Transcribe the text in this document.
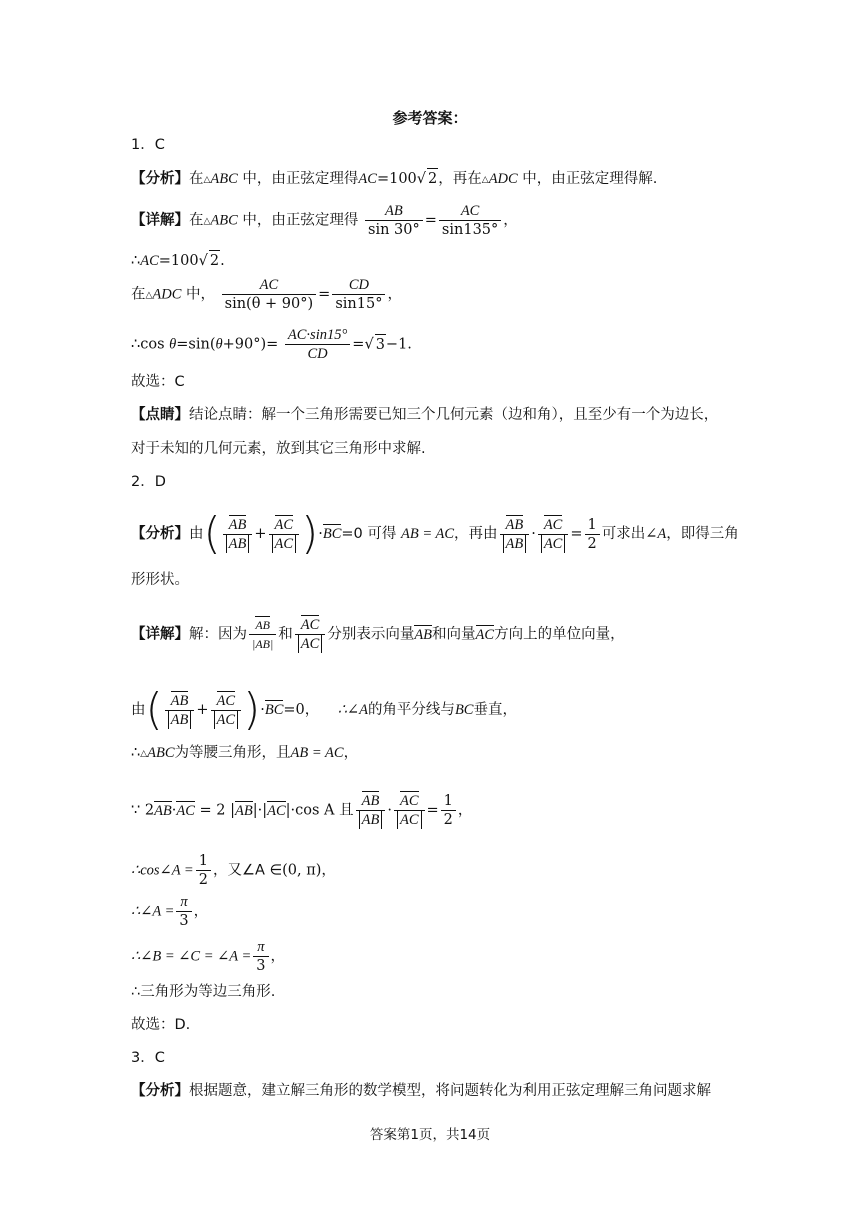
参考答案：
1．C
【分析】在△ABC 中，由正弦定理得AC=100√ 2，再在△ADC 中，由正弦定理得解.
【详解】在△ABC 中，由正弦定理得 $\frac{AB}{\sin 30^\circ} = \frac{AC}{\sin 135^\circ}$ ，
∴AC=100√ 2.
在△ADC 中， $\frac{AC}{\sin(\theta + 90^\circ)} = \frac{CD}{\sin 15^\circ}$ ，
∴cos $\theta=\sin(\theta+90^\circ)= \frac{AC\cdot\sin 15^\circ}{CD}$ =√ 3−1.
故选：C
【点睛】结论点睛：解一个三角形需要已知三个几何元素（边和角），且至少有一个为边长，
对于未知的几何元素，放到其它三角形中求解.
2．D
【分析】由( $\frac{AB}{AB} + \frac{AC}{AC} )\cdot BC=0$ 可得 AB = AC，再由 $\frac{AB}{AB} \cdot \frac{AC}{AC} = \frac{1}{2}$ 可求出∠A，即得三角
形形状。
【详解】解：因为 $\frac{AB}{|AB|}$ 和 $\frac{AC}{AC}$ 分别表示向量AB和向量AC方向上的单位向量，
由( $\frac{AB}{AB} + \frac{AC}{AC} )\cdot BC=0$， ∴∠A的角平分线与BC垂直，
∴△ABC为等腰三角形，且AB = AC，
∵ 2AB·AC = 2 |AB|·|AC|·cos A 且 $\frac{AB}{AB} \cdot \frac{AC}{AC} = \frac{1}{2}$ ，
∴cos∠A = $\frac{1}{2}$ ，又∠A ∈(0, π)，
∴∠A = $\frac{\pi}{3}$ ，
∴∠B = ∠C = ∠A = $\frac{\pi}{3}$ ，
∴三角形为等边三角形.
故选：D.
3．C
【分析】根据题意，建立解三角形的数学模型，将问题转化为利用正弦定理解三角问题求解
答案第1页，共14页
